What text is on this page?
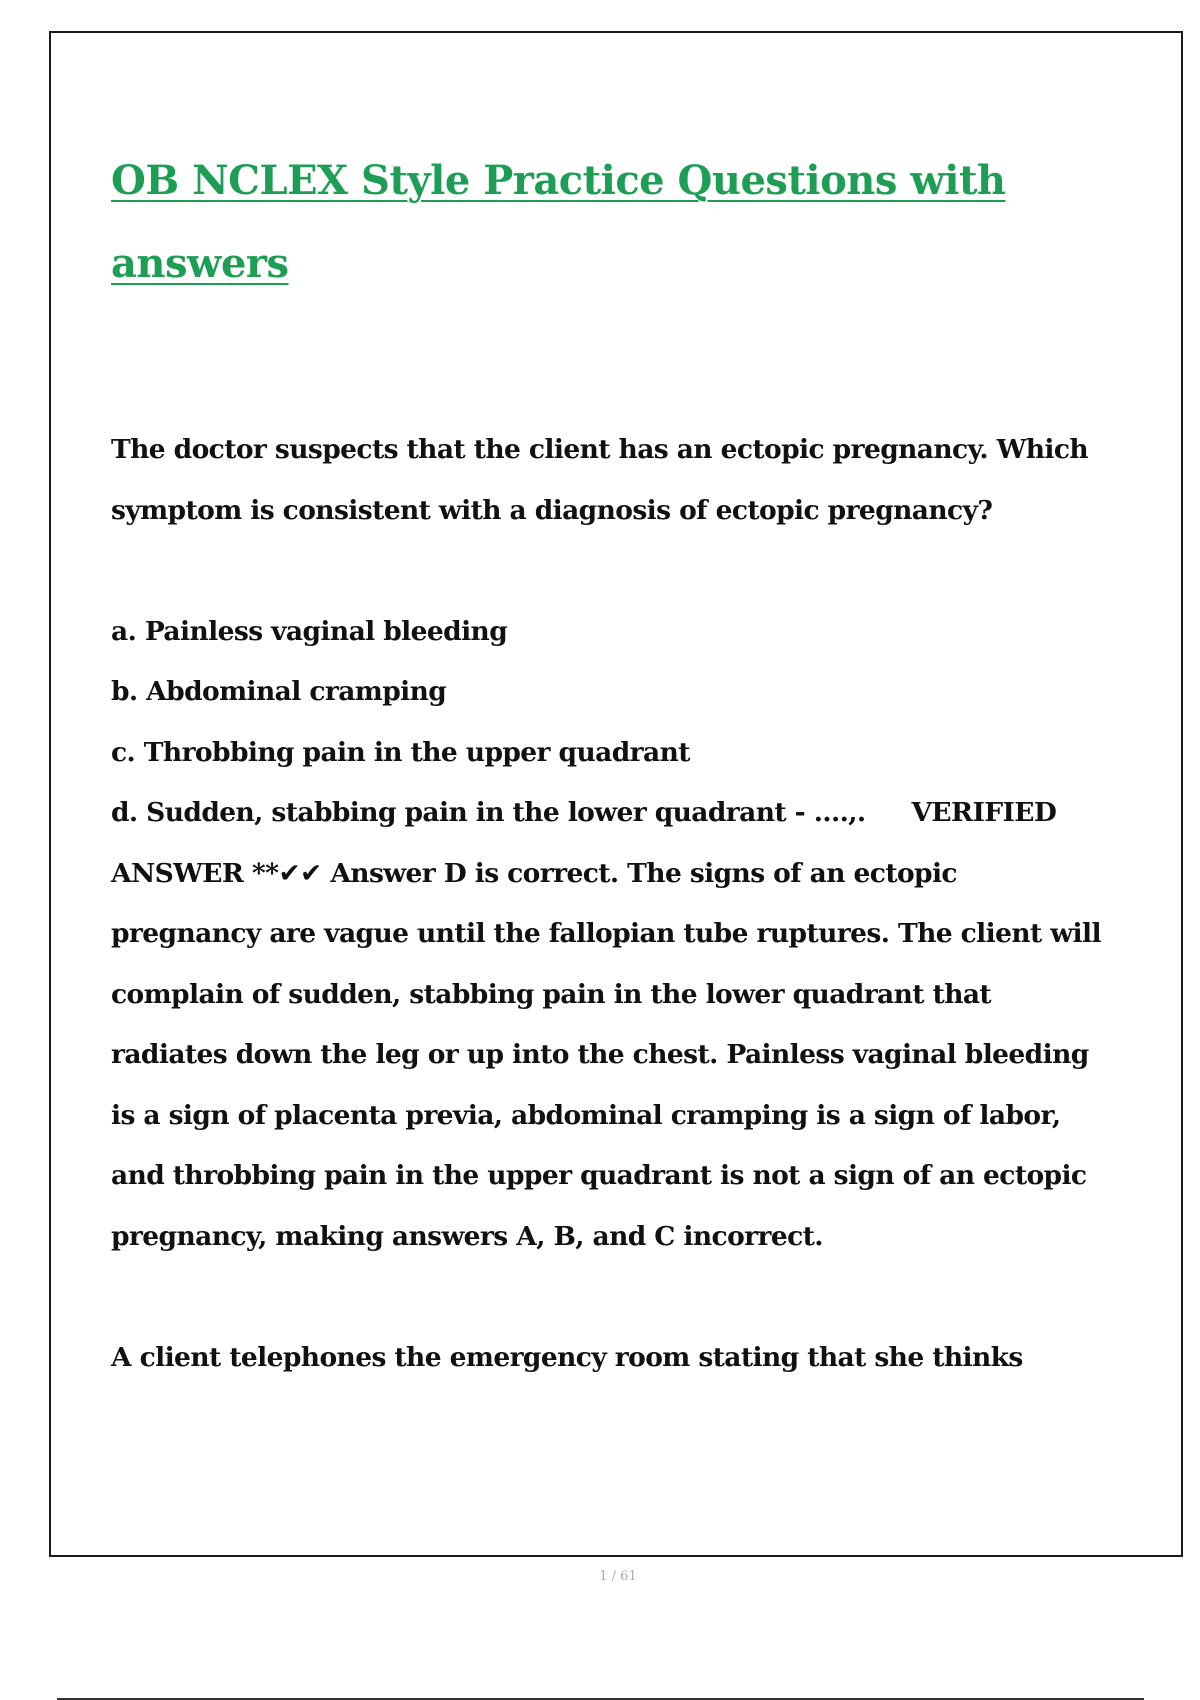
OB NCLEX Style Practice Questions with answers

The doctor suspects that the client has an ectopic pregnancy. Which symptom is consistent with a diagnosis of ectopic pregnancy?

a. Painless vaginal bleeding

b. Abdominal cramping

c. Throbbing pain in the upper quadrant

d. Sudden, stabbing pain in the lower quadrant - ....,. VERIFIED ANSWER **✔✔ Answer D is correct. The signs of an ectopic pregnancy are vague until the fallopian tube ruptures. The client will complain of sudden, stabbing pain in the lower quadrant that radiates down the leg or up into the chest. Painless vaginal bleeding is a sign of placenta previa, abdominal cramping is a sign of labor, and throbbing pain in the upper quadrant is not a sign of an ectopic pregnancy, making answers A, B, and C incorrect.

A client telephones the emergency room stating that she thinks

1 / 61
